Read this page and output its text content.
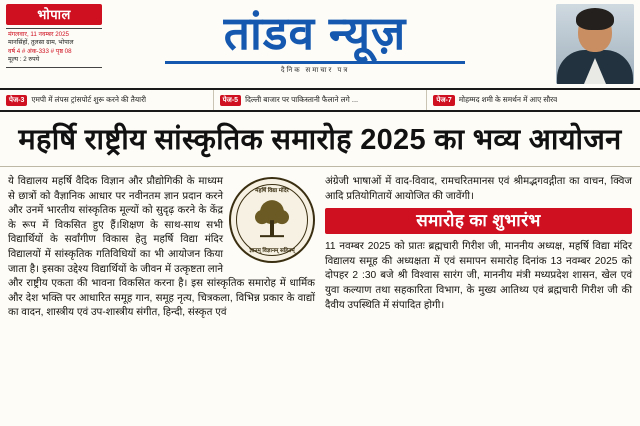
भोपाल
मंगलवार, 11 नवम्बर 2025
मानसिंहों, तुलसा ग्राम, भोपाल
वर्ष 4 # अंक-333 # पृष्ठ 08
मूल्य : 2 रुपये
तांडव न्यूज़
दैनिक समाचार पत्र
पेज-3 एमपी में लंपस ट्रांसपोर्ट शुरू करने की तैयारी	पेज-5 दिल्ली बाजार पर पाकिस्तानी फैलाने लगे ...	पेज-7 मोहम्मद शमी के समर्थन में आए सौरव
महर्षि राष्ट्रीय सांस्कृतिक समारोह 2025 का भव्य आयोजन
महर्षि विद्या मंदिर
ज्ञानम् विज्ञानम् सहितम्

ये विद्यालय महर्षि वैदिक विज्ञान और प्रौद्योगिकी के माध्यम से छात्रों को वैज्ञानिक आधार पर नवीनतम ज्ञान प्रदान करने और उनमें भारतीय सांस्कृतिक मूल्यों को सुदृढ़ करने के केंद्र के रूप में विकसित हुए हैं।शिक्षण के साथ-साथ सभी विद्यार्थियों के सर्वांगीण विकास हेतु महर्षि विद्या मंदिर विद्यालयों में सांस्कृतिक गतिविधियों का भी आयोजन किया जाता है। इसका उद्देश्य विद्यार्थियों के जीवन में उत्कृष्टता लाने और राष्ट्रीय एकता की भावना विकसित करना है। इस सांस्कृतिक समारोह में धार्मिक और देश भक्ति पर आधारित समूह गान, समूह नृत्य, चित्रकला, विभिन्न प्रकार के वाद्यों का वादन, शास्त्रीय एवं उप-शास्त्रीय संगीत, हिन्दी, संस्कृत एवं

अंग्रेजी भाषाओं में वाद-विवाद, रामचरितमानस एवं श्रीमद्भगवद्गीता का वाचन, क्विज आदि प्रतियोगितायें आयोजित की जावेंगी।

समारोह का शुभारंभ

11 नवम्बर 2025 को प्रातः ब्रह्मचारी गिरीश जी, माननीय अध्यक्ष, महर्षि विद्या मंदिर विद्यालय समूह की अध्यक्षता में एवं समापन समारोह दिनांक 13 नवम्बर 2025 को दोपहर 2 :30 बजे श्री विश्वास सारंग जी, माननीय मंत्री मध्यप्रदेश शासन, खेल एवं युवा कल्याण तथा सहकारिता विभाग, के मुख्य आतिथ्य एवं ब्रह्मचारी गिरीश जी की दैवीय उपस्थिति में संपादित होगी।
